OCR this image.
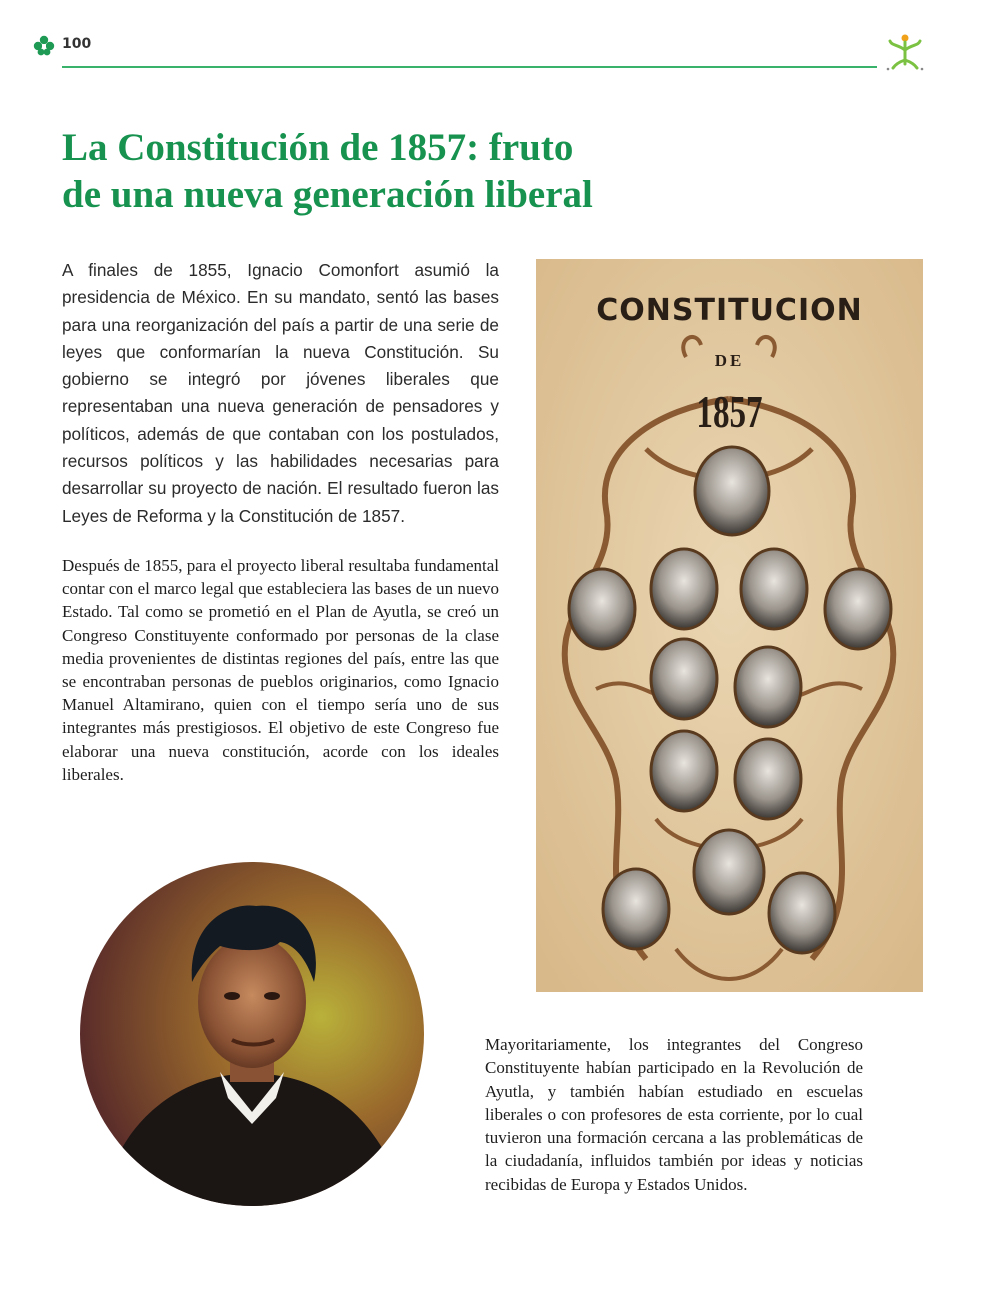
100
La Constitución de 1857: fruto
de una nueva generación liberal

A finales de 1855, Ignacio Comonfort asumió la presidencia de México. En su mandato, sentó las bases para una reorganización del país a partir de una serie de leyes que conformarían la nueva Constitución. Su gobierno se integró por jóvenes liberales que representaban una nueva generación de pensadores y políticos, además de que contaban con los postulados, recursos políticos y las habilidades necesarias para desarrollar su proyecto de nación. El resultado fueron las Leyes de Reforma y la Constitución de 1857.

Después de 1855, para el proyecto liberal resultaba fundamental contar con el marco legal que estableciera las bases de un nuevo Estado. Tal como se prometió en el Plan de Ayutla, se creó un Congreso Constituyente conformado por personas de la clase media provenientes de distintas regiones del país, entre las que se encontraban personas de pueblos originarios, como Ignacio Manuel Altamirano, quien con el tiempo sería uno de sus integrantes más prestigiosos. El objetivo de este Congreso fue elaborar una nueva constitución, acorde con los ideales liberales.

Mayoritariamente, los integrantes del Congreso Constituyente habían participado en la Revolución de Ayutla, y también habían estudiado en escuelas liberales o con profesores de esta corriente, por lo cual tuvieron una formación cercana a las problemáticas de la ciudadanía, influidos también por ideas y noticias recibidas de Europa y Estados Unidos.

CONSTITUCION
DE
1857
